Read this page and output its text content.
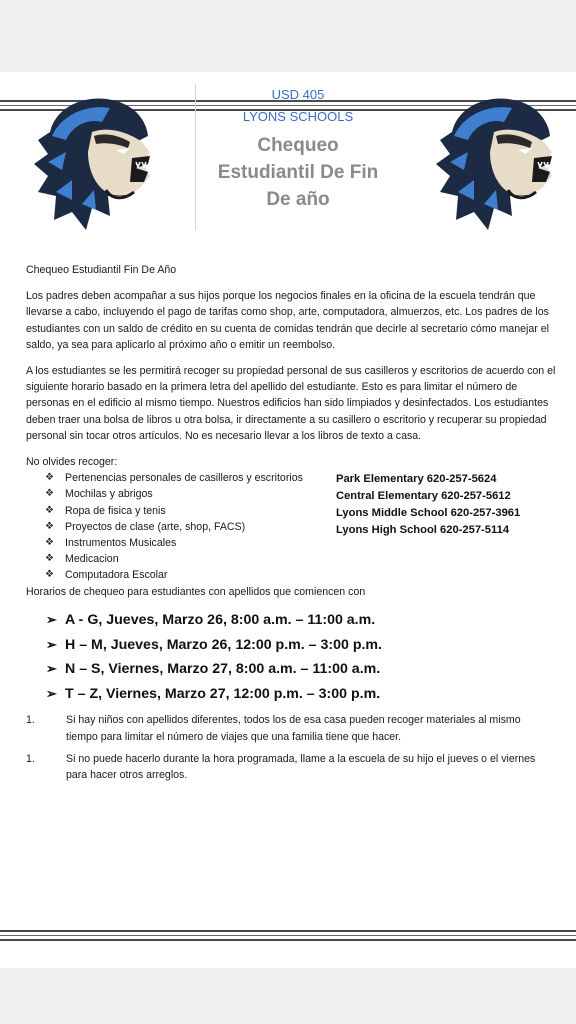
USD 405
LYONS SCHOOLS
Chequeo
Estudiantil De Fin
De año

Chequeo Estudiantil Fin De Año

Los padres deben acompañar a sus hijos porque los negocios finales en la oficina de la escuela tendrán que llevarse a cabo, incluyendo el pago de tarifas como shop, arte, computadora, almuerzos, etc. Los padres de los estudiantes con un saldo de crédito en su cuenta de comidas tendrán que decirle al secretario cómo manejar el saldo, ya sea para aplicarlo al próximo año o emitir un reembolso.

A los estudiantes se les permitirá recoger su propiedad personal de sus casilleros y escritorios de acuerdo con el siguiente horario basado en la primera letra del apellido del estudiante. Esto es para limitar el número de personas en el edificio al mismo tiempo. Nuestros edificios han sido limpiados y desinfectados. Los estudiantes deben traer una bolsa de libros u otra bolsa, ir directamente a su casillero o escritorio y recuperar su propiedad personal sin tocar otros artículos. No es necesario llevar a los libros de texto a casa.

No olvides recoger:
❖	Pertenencias personales de casilleros y escritorios
❖	Mochilas y abrigos
❖	Ropa de fisica y tenis
❖	Proyectos de clase (arte, shop, FACS)
❖	Instrumentos Musicales
❖	Medicacion
❖	Computadora Escolar
Park Elementary 620-257-5624
Central Elementary 620-257-5612
Lyons Middle School 620-257-3961
Lyons High School 620-257-5114
Horarios de chequeo para estudiantes con apellidos que comiencen con
➢ A - G, Jueves, Marzo 26, 8:00 a.m. – 11:00 a.m.
➢ H – M, Jueves, Marzo 26, 12:00 p.m. – 3:00 p.m.
➢ N – S, Viernes, Marzo 27, 8:00 a.m. – 11:00 a.m.
➢ T – Z, Viernes, Marzo 27, 12:00 p.m. – 3:00 p.m.
1.	Si hay niños con apellidos diferentes, todos los de esa casa pueden recoger materiales al mismo tiempo para limitar el número de viajes que una familia tiene que hacer.
1.	Si no puede hacerlo durante la hora programada, llame a la escuela de su hijo el jueves o el viernes para hacer otros arreglos.
